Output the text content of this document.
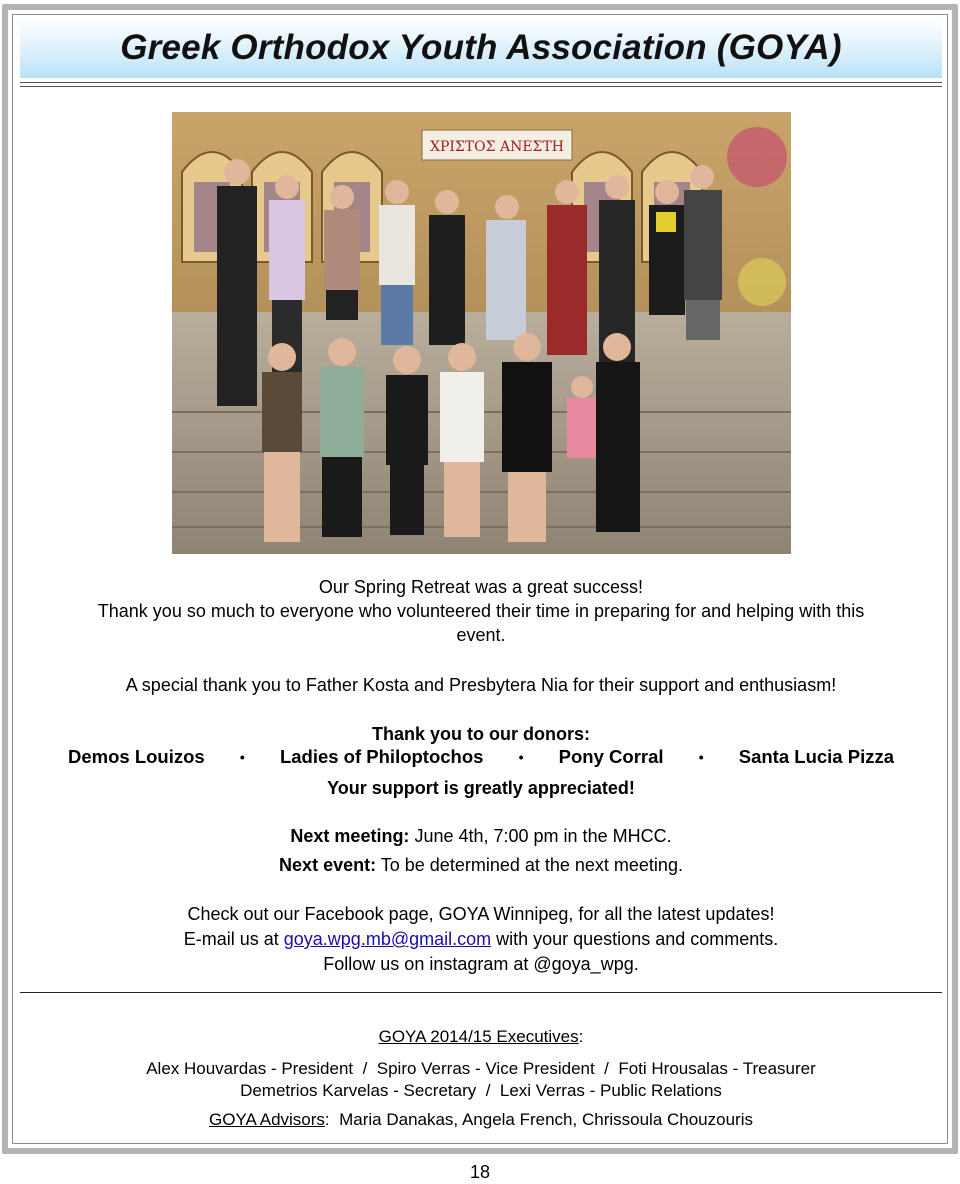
Greek Orthodox Youth Association (GOYA)
ΧΡΙΣΤΟΣ ΑΝΕΣΤΗ
Our Spring Retreat was a great success!
Thank you so much to everyone who volunteered their time in preparing for and helping with this
event.
A special thank you to Father Kosta and Presbytera Nia for their support and enthusiasm!
Thank you to our donors:
Demos Louizos	• Ladies of Philoptochos	• Pony Corral	• Santa Lucia Pizza
Your support is greatly appreciated!
Next meeting: June 4th, 7:00 pm in the MHCC.
Next event: To be determined at the next meeting.
Check out our Facebook page, GOYA Winnipeg, for all the latest updates!
E-mail us at goya.wpg.mb@gmail.com with your questions and comments.
Follow us on instagram at @goya_wpg.
GOYA 2014/15 Executives:
Alex Houvardas - President  /  Spiro Verras - Vice President  /  Foti Hrousalas - Treasurer
Demetrios Karvelas - Secretary  /  Lexi Verras - Public Relations
GOYA Advisors: Maria Danakas, Angela French, Chrissoula Chouzouris
18
